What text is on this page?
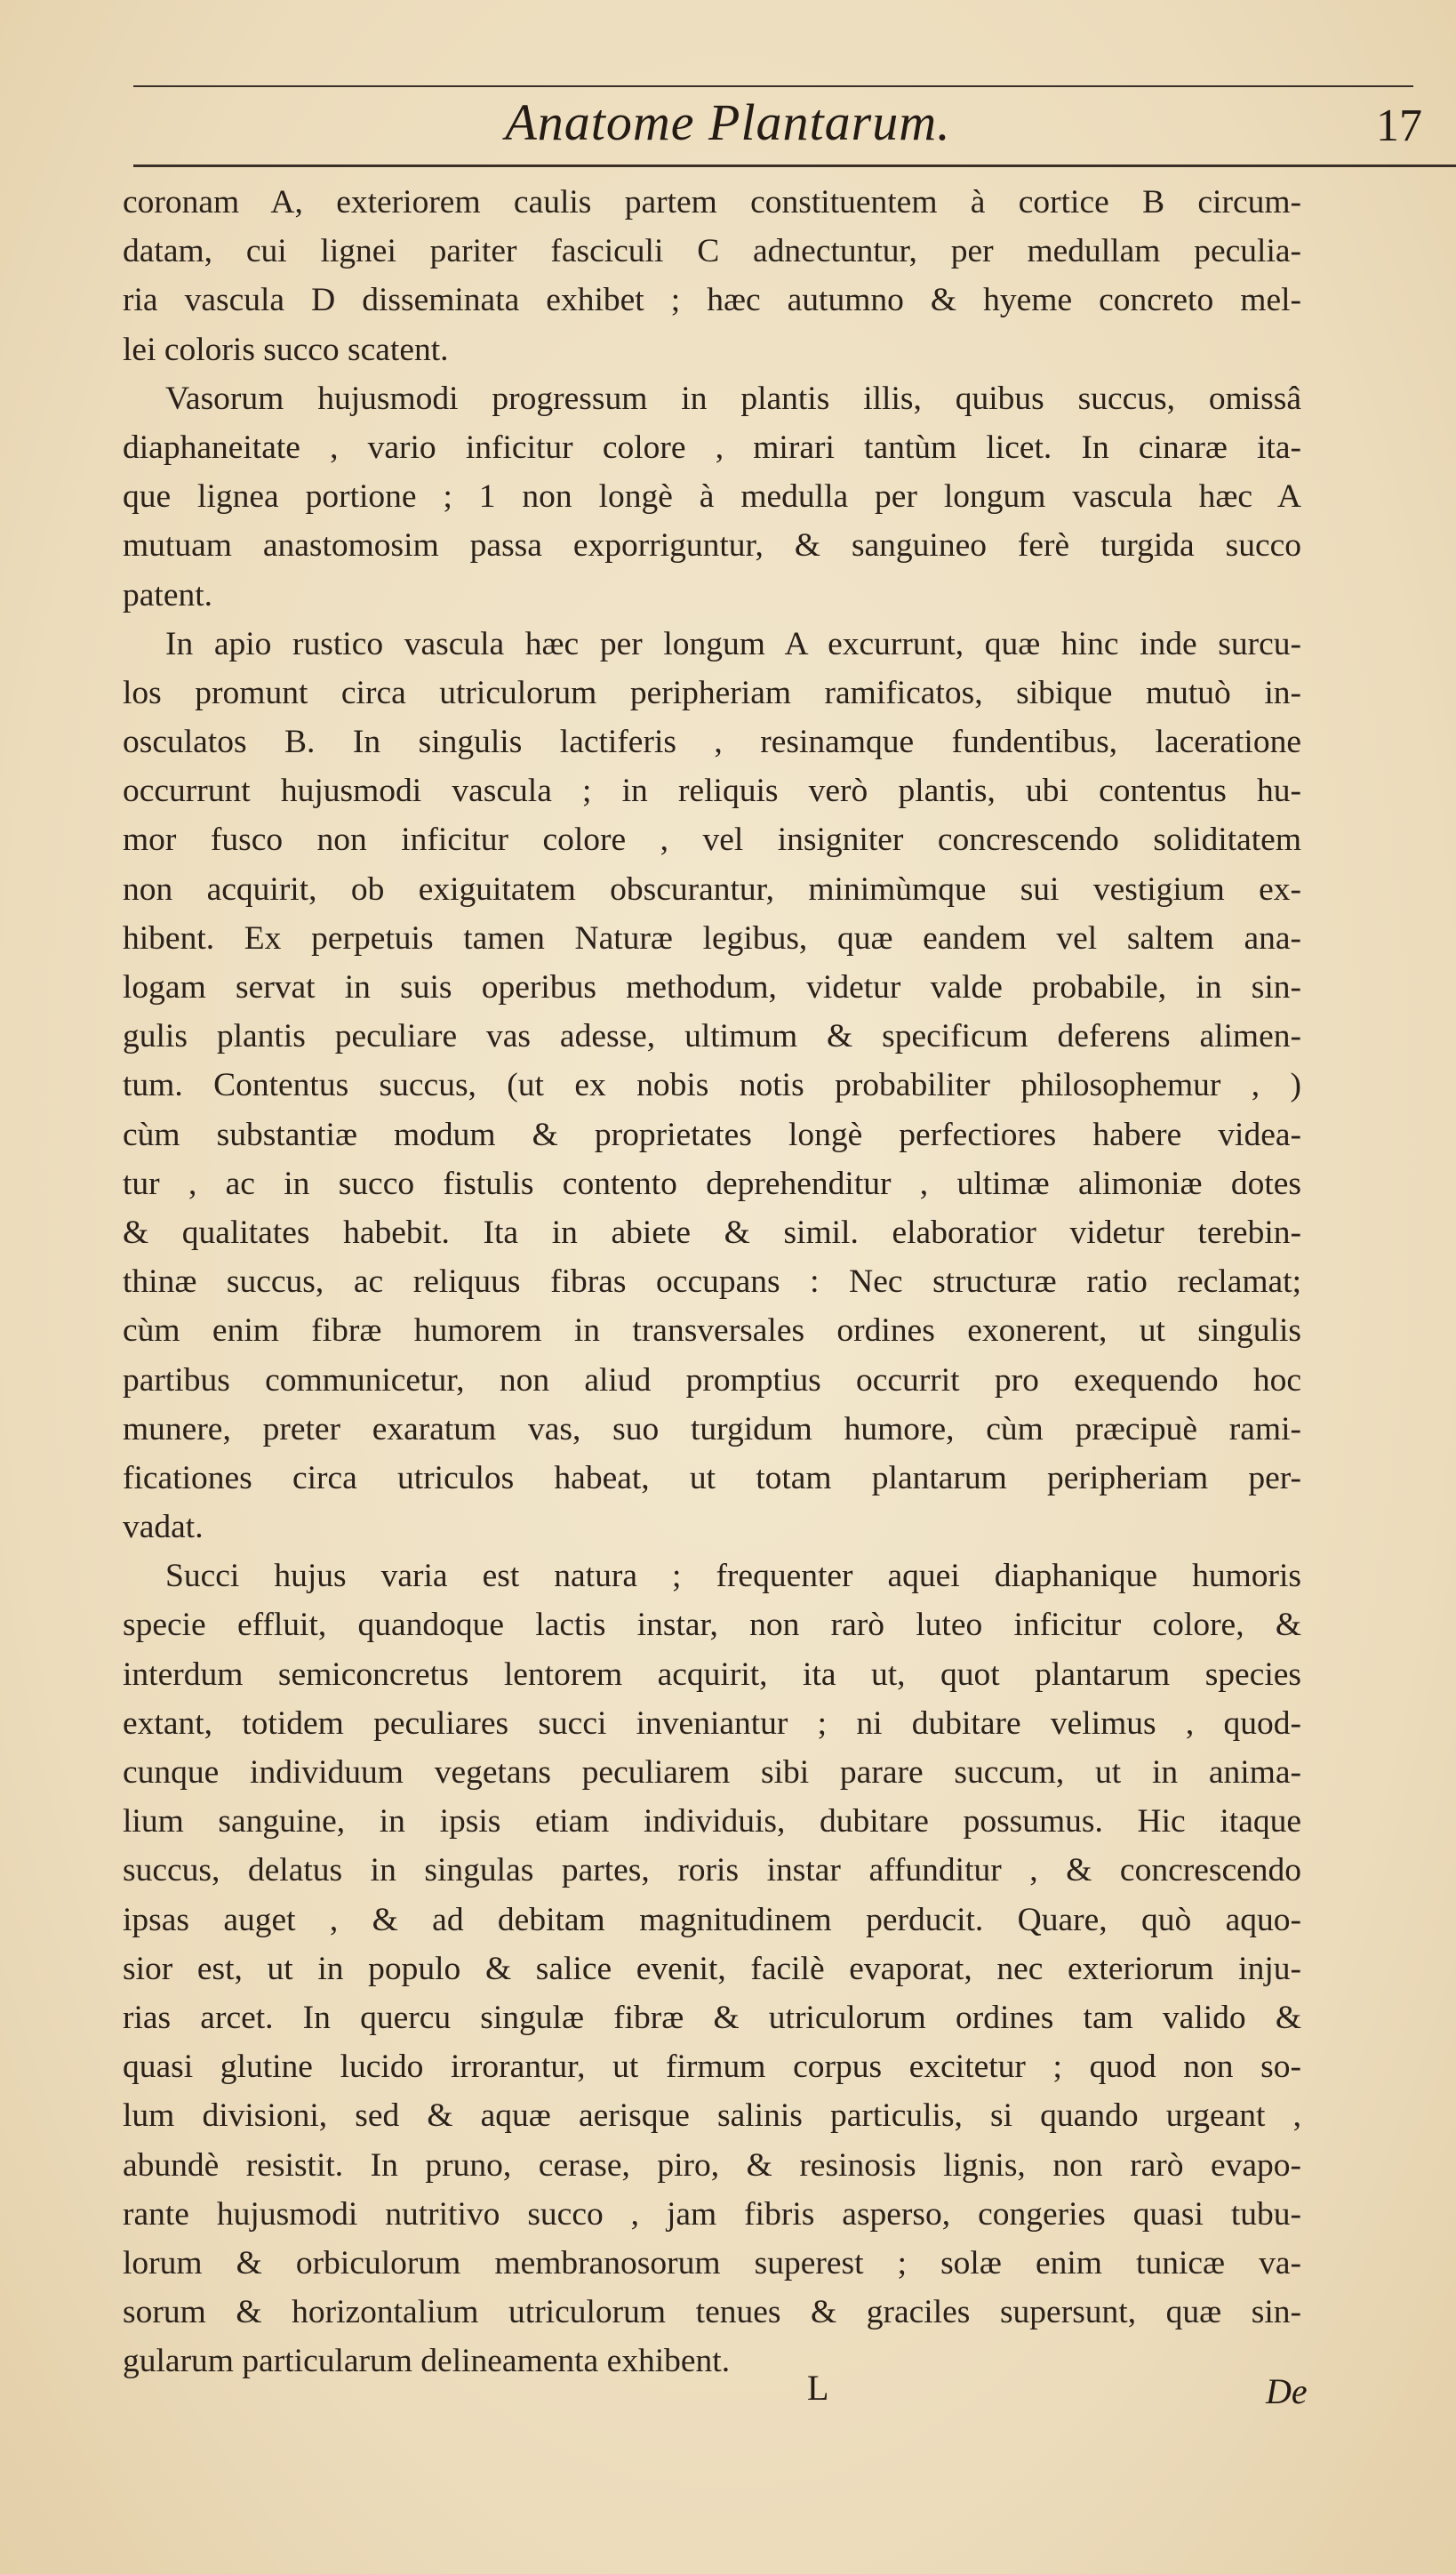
Anatome Plantarum.	17
coronam A, exteriorem caulis partem constituentem à cortice B circum-
datam, cui lignei pariter fasciculi C adnectuntur, per medullam peculia-
ria vascula D disseminata exhibet ; hæc autumno & hyeme concreto mel-
lei coloris succo scatent.
Vasorum hujusmodi progressum in plantis illis, quibus succus, omissâ
diaphaneitate , vario inficitur colore , mirari tantùm licet. In cinaræ ita-
que lignea portione ; 1 non longè à medulla per longum vascula hæc A
mutuam anastomosim passa exporriguntur, & sanguineo ferè turgida succo
patent.
In apio rustico vascula hæc per longum A excurrunt, quæ hinc inde surcu-
los promunt circa utriculorum peripheriam ramificatos, sibique mutuò in-
osculatos B. In singulis lactiferis , resinamque fundentibus, laceratione
occurrunt hujusmodi vascula ; in reliquis verò plantis, ubi contentus hu-
mor fusco non inficitur colore , vel insigniter concrescendo soliditatem
non acquirit, ob exiguitatem obscurantur, minimùmque sui vestigium ex-
hibent. Ex perpetuis tamen Naturæ legibus, quæ eandem vel saltem ana-
logam servat in suis operibus methodum, videtur valde probabile, in sin-
gulis plantis peculiare vas adesse, ultimum & specificum deferens alimen-
tum. Contentus succus, (ut ex nobis notis probabiliter philosophemur , )
cùm substantiæ modum & proprietates longè perfectiores habere videa-
tur , ac in succo fistulis contento deprehenditur , ultimæ alimoniæ dotes
& qualitates habebit. Ita in abiete & simil. elaboratior videtur terebin-
thinæ succus, ac reliquus fibras occupans : Nec structuræ ratio reclamat;
cùm enim fibræ humorem in transversales ordines exonerent, ut singulis
partibus communicetur, non aliud promptius occurrit pro exequendo hoc
munere, preter exaratum vas, suo turgidum humore, cùm præcipuè rami-
ficationes circa utriculos habeat, ut totam plantarum peripheriam per-
vadat.
Succi hujus varia est natura ; frequenter aquei diaphanique humoris
specie effluit, quandoque lactis instar, non rarò luteo inficitur colore, &
interdum semiconcretus lentorem acquirit, ita ut, quot plantarum species
extant, totidem peculiares succi inveniantur ; ni dubitare velimus , quod-
cunque individuum vegetans peculiarem sibi parare succum, ut in anima-
lium sanguine, in ipsis etiam individuis, dubitare possumus. Hic itaque
succus, delatus in singulas partes, roris instar affunditur , & concrescendo
ipsas auget , & ad debitam magnitudinem perducit. Quare, quò aquo-
sior est, ut in populo & salice evenit, facilè evaporat, nec exteriorum inju-
rias arcet. In quercu singulæ fibræ & utriculorum ordines tam valido &
quasi glutine lucido irrorantur, ut firmum corpus excitetur ; quod non so-
lum divisioni, sed & aquæ aerisque salinis particulis, si quando urgeant ,
abundè resistit. In pruno, cerase, piro, & resinosis lignis, non rarò evapo-
rante hujusmodi nutritivo succo , jam fibris asperso, congeries quasi tubu-
lorum & orbiculorum membranosorum superest ; solæ enim tunicæ va-
sorum & horizontalium utriculorum tenues & graciles supersunt, quæ sin-
gularum particularum delineamenta exhibent.
L	De
